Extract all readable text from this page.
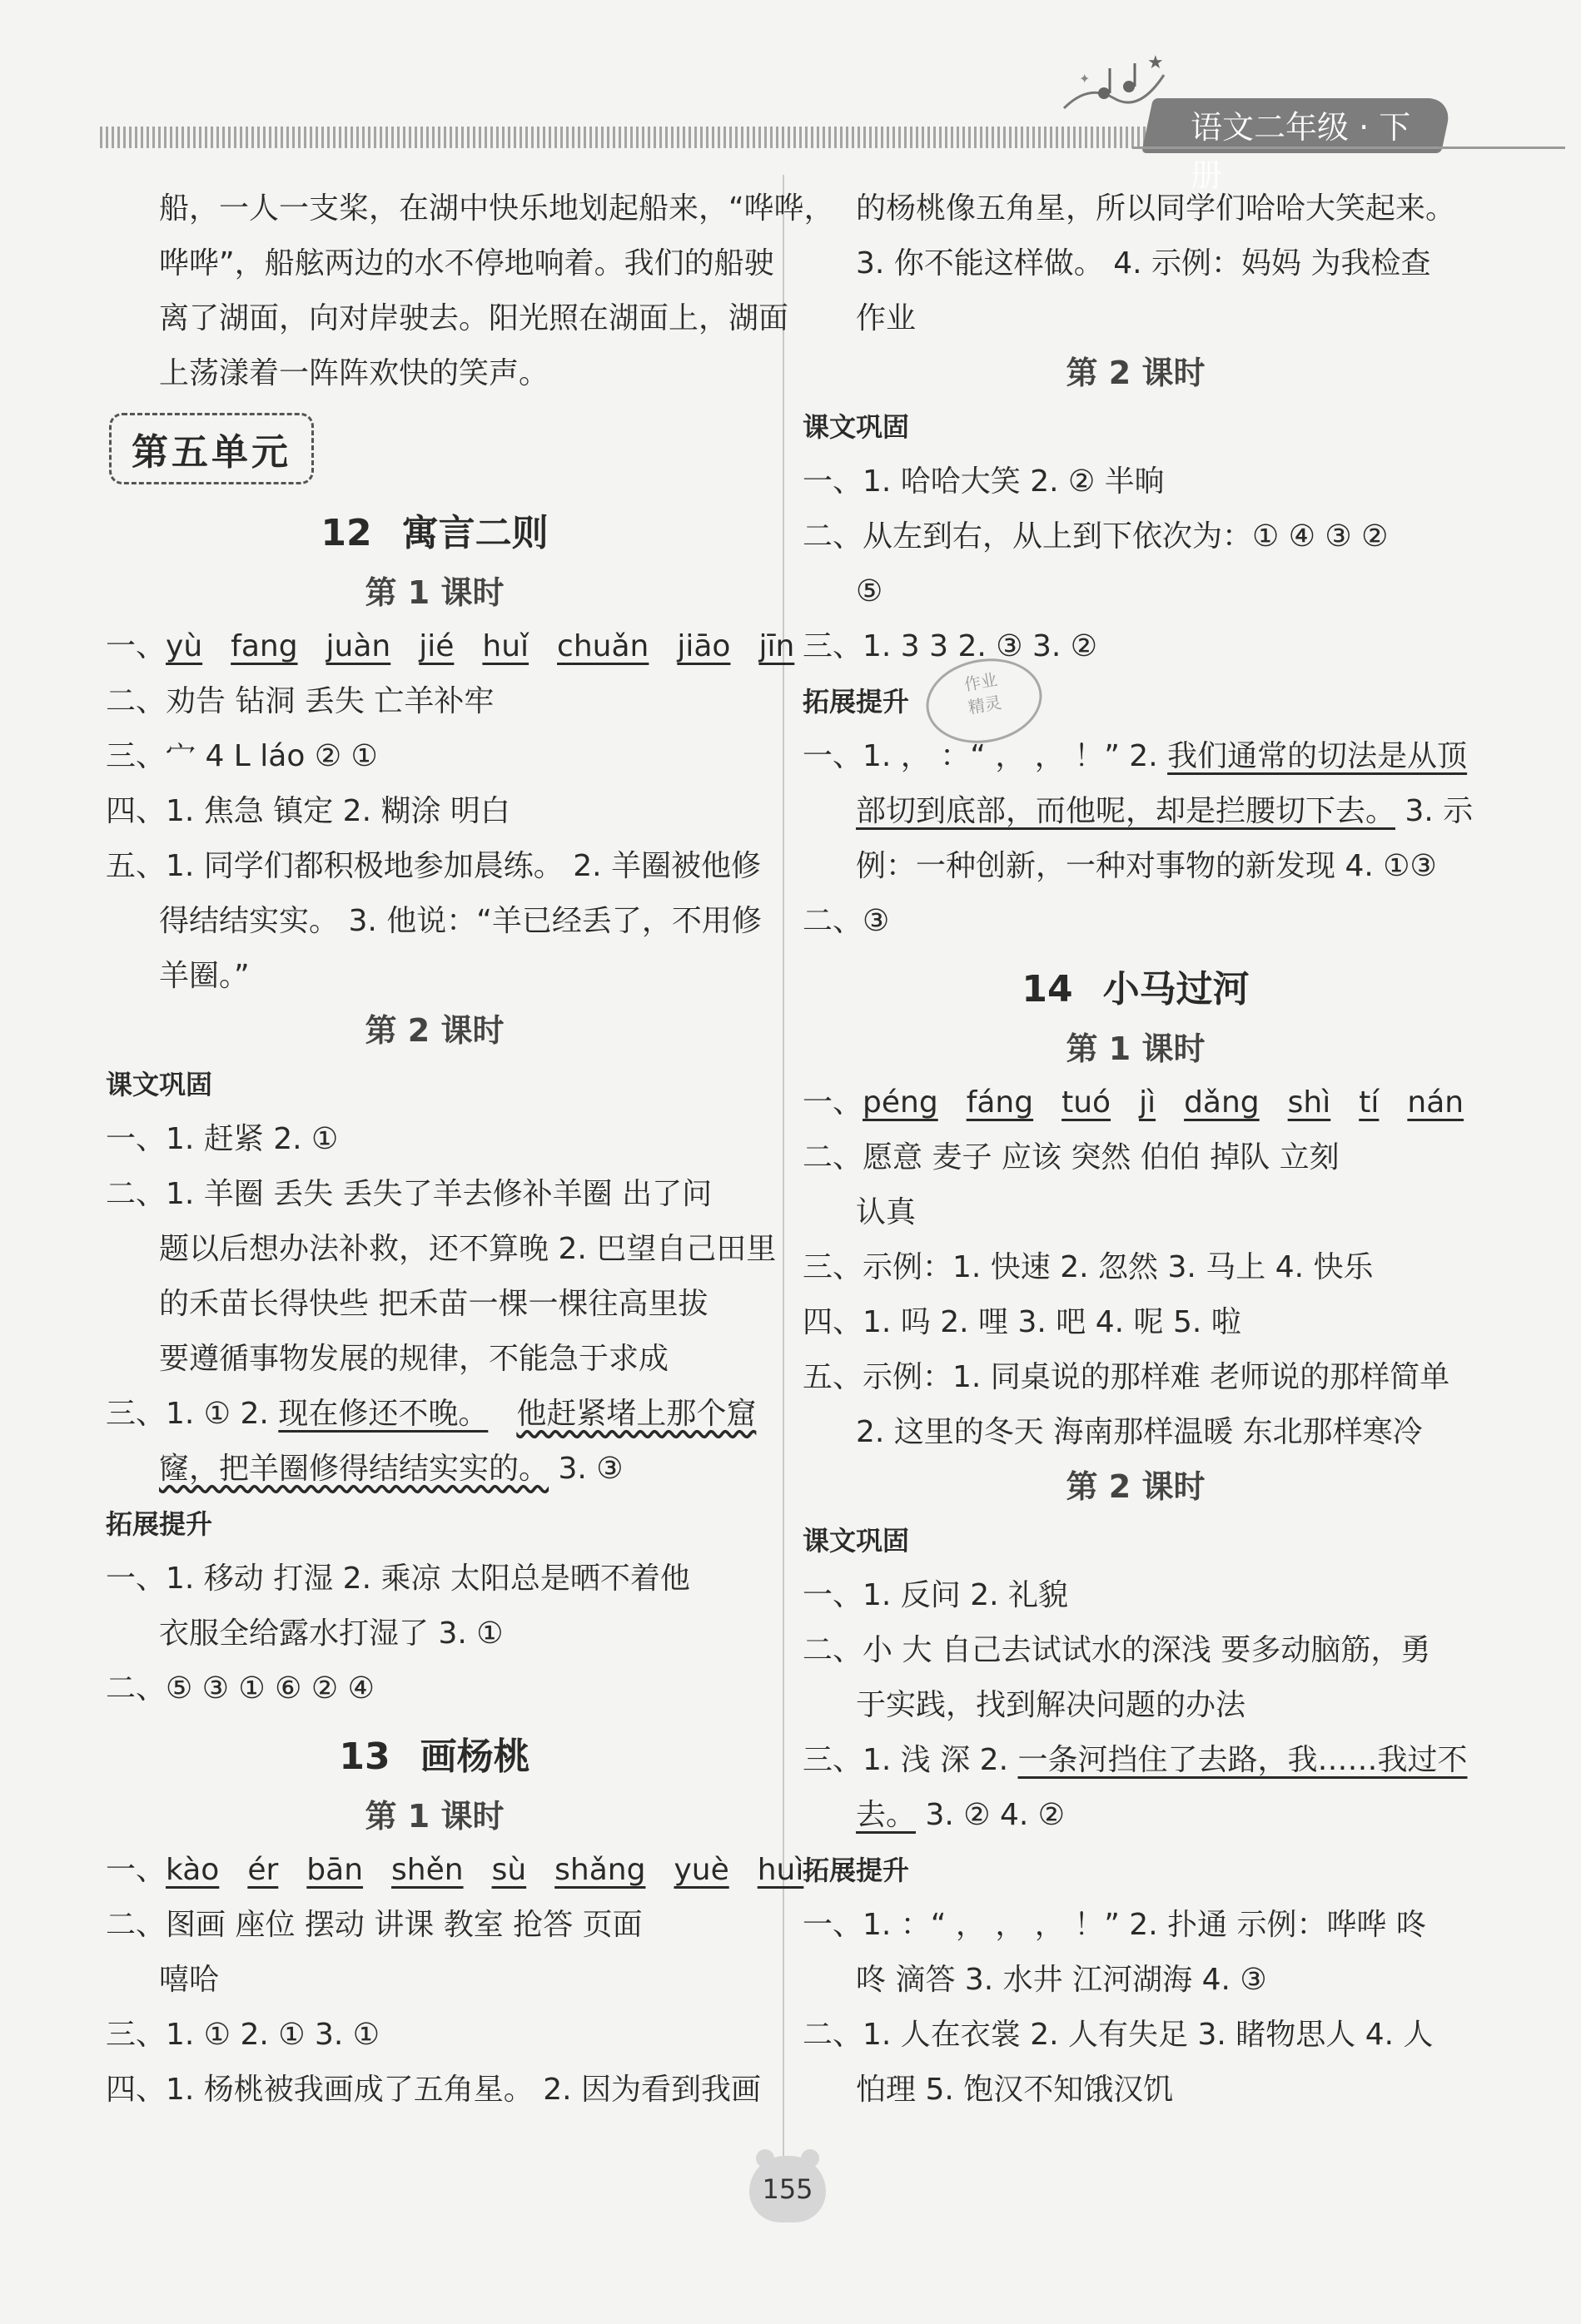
★
✦
语文二年级 · 下册

船，一人一支桨，在湖中快乐地划起船来，“哗哗，

哗哗”，船舷两边的水不停地响着。我们的船驶

离了湖面，向对岸驶去。阳光照在湖面上，湖面

上荡漾着一阵阵欢快的笑声。

第五单元
12 寓言二则
第 1 课时

一、yù fang juàn jié huǐ chuǎn jiāo jīn

二、劝告 钻洞 丢失 亡羊补牢

三、宀 4 L láo ② ①

四、1. 焦急 镇定 2. 糊涂 明白

五、1. 同学们都积极地参加晨练。 2. 羊圈被他修

得结结实实。 3. 他说：“羊已经丢了，不用修

羊圈。”

第 2 课时
课文巩固

一、1. 赶紧 2. ①

二、1. 羊圈 丢失 丢失了羊去修补羊圈 出了问

题以后想办法补救，还不算晚 2. 巴望自己田里

的禾苗长得快些 把禾苗一棵一棵往高里拔

要遵循事物发展的规律，不能急于求成

三、1. ① 2. 现在修还不晚。 他赶紧堵上那个窟

窿，把羊圈修得结结实实的。 3. ③

拓展提升

一、1. 移动 打湿 2. 乘凉 太阳总是晒不着他

衣服全给露水打湿了 3. ①

二、⑤ ③ ① ⑥ ② ④

13 画杨桃
第 1 课时

一、kào ér bān shěn sù shǎng yuè huì

二、图画 座位 摆动 讲课 教室 抢答 页面

嘻哈

三、1. ① 2. ① 3. ①

四、1. 杨桃被我画成了五角星。 2. 因为看到我画

的杨桃像五角星，所以同学们哈哈大笑起来。

3. 你不能这样做。 4. 示例：妈妈 为我检查

作业

第 2 课时
课文巩固

一、1. 哈哈大笑 2. ② 半晌

二、从左到右，从上到下依次为：① ④ ③ ②

⑤

三、1. 3 3 2. ③ 3. ②

拓展提升

一、1. ， ：“ ， ， ！” 2. 我们通常的切法是从顶

部切到底部，而他呢，却是拦腰切下去。 3. 示

例：一种创新，一种对事物的新发现 4. ①③

二、③

14 小马过河
第 1 课时

一、péng fáng tuó jì dǎng shì tí nán

二、愿意 麦子 应该 突然 伯伯 掉队 立刻

认真

三、示例：1. 快速 2. 忽然 3. 马上 4. 快乐

四、1. 吗 2. 哩 3. 吧 4. 呢 5. 啦

五、示例：1. 同桌说的那样难 老师说的那样简单

2. 这里的冬天 海南那样温暖 东北那样寒冷

第 2 课时
课文巩固

一、1. 反问 2. 礼貌

二、小 大 自己去试试水的深浅 要多动脑筋，勇

于实践，找到解决问题的办法

三、1. 浅 深 2. 一条河挡住了去路，我……我过不

去。 3. ② 4. ②

拓展提升

一、1. ：“ ， ， ， ！” 2. 扑通 示例：哗哗 咚

咚 滴答 3. 水井 江河湖海 4. ③

二、1. 人在衣裳 2. 人有失足 3. 睹物思人 4. 人

怕理 5. 饱汉不知饿汉饥

作业
精灵
155
